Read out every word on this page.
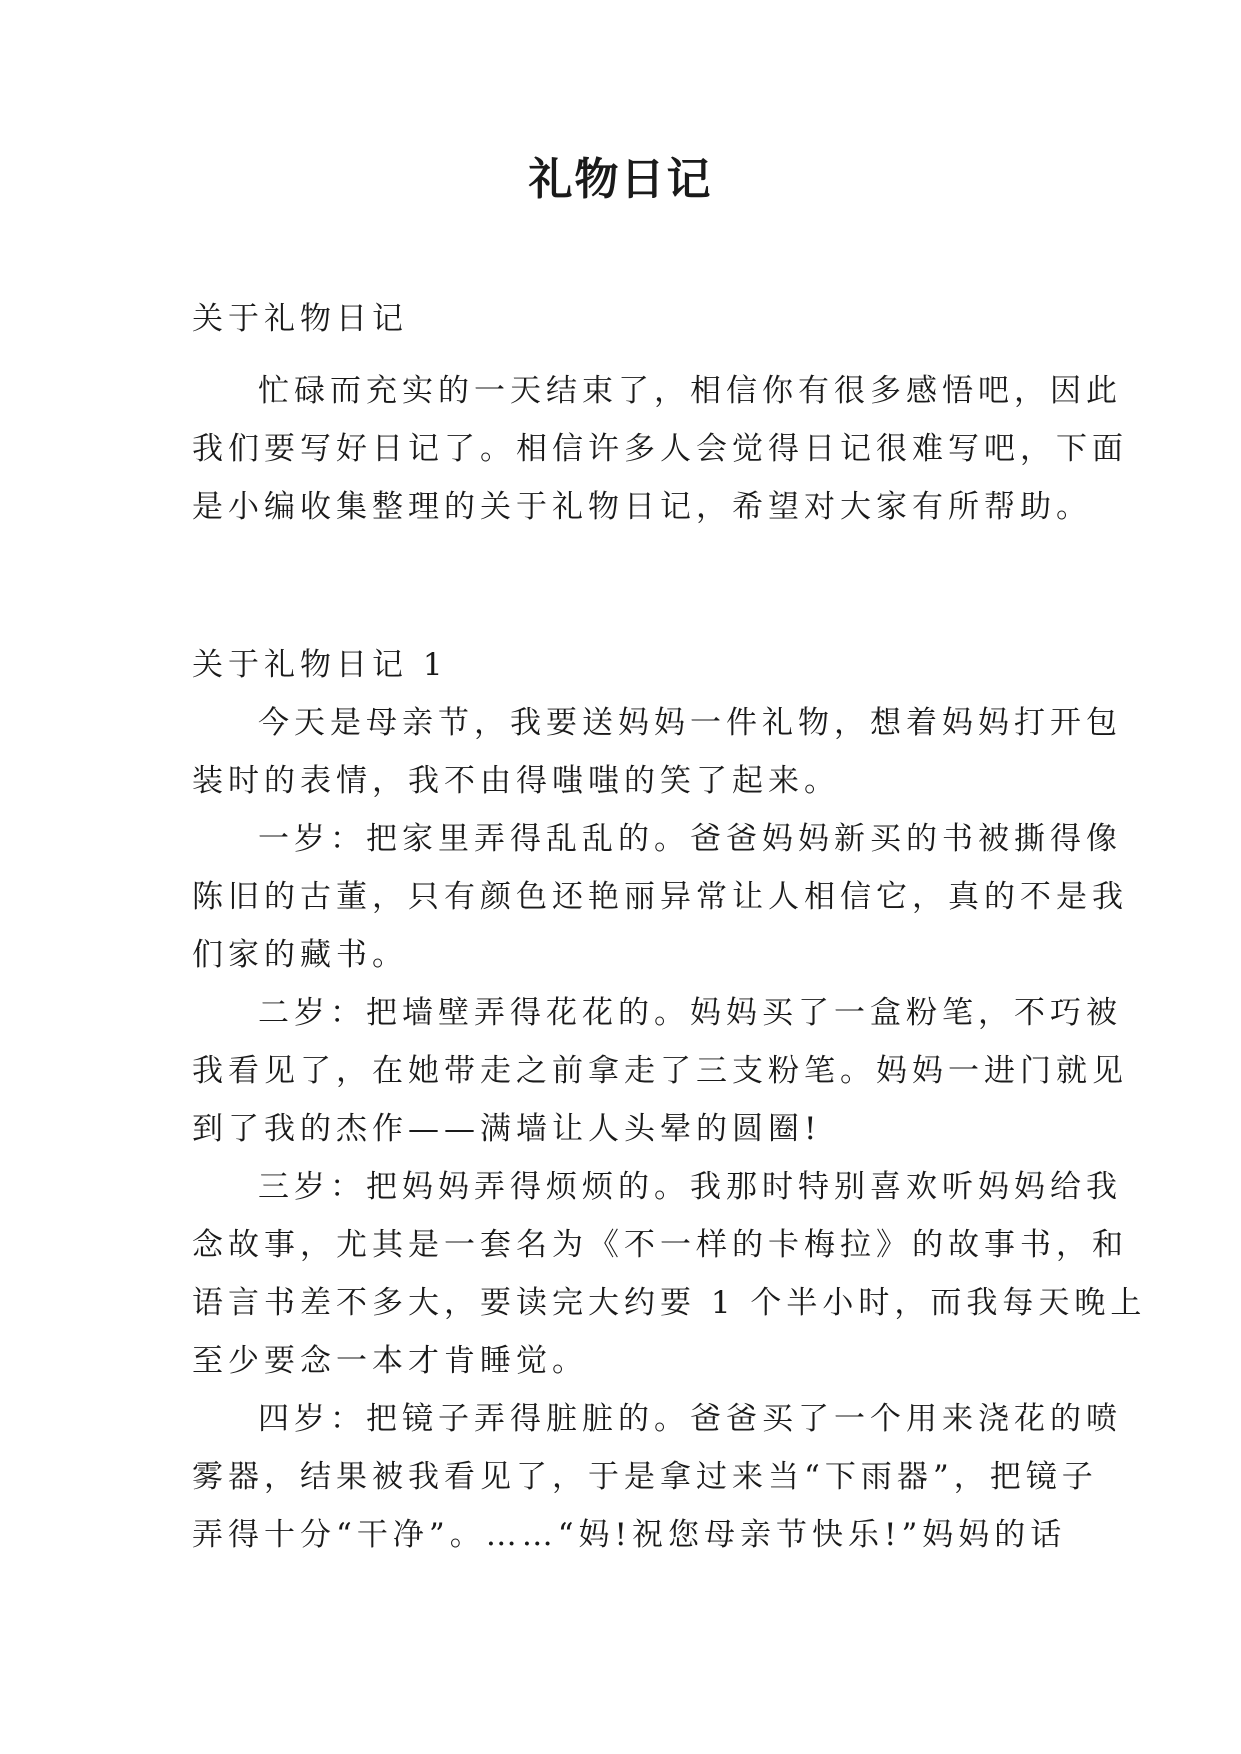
礼物日记

关于礼物日记

忙碌而充实的一天结束了，相信你有很多感悟吧，因此

我们要写好日记了。相信许多人会觉得日记很难写吧，下面

是小编收集整理的关于礼物日记，希望对大家有所帮助。

关于礼物日记 1

今天是母亲节，我要送妈妈一件礼物，想着妈妈打开包

装时的表情，我不由得嗤嗤的笑了起来。

一岁：把家里弄得乱乱的。爸爸妈妈新买的书被撕得像

陈旧的古董，只有颜色还艳丽异常让人相信它，真的不是我

们家的藏书。

二岁：把墙壁弄得花花的。妈妈买了一盒粉笔，不巧被

我看见了，在她带走之前拿走了三支粉笔。妈妈一进门就见

到了我的杰作——满墙让人头晕的圆圈!

三岁：把妈妈弄得烦烦的。我那时特别喜欢听妈妈给我

念故事，尤其是一套名为《不一样的卡梅拉》的故事书，和

语言书差不多大，要读完大约要 1 个半小时，而我每天晚上

至少要念一本才肯睡觉。

四岁：把镜子弄得脏脏的。爸爸买了一个用来浇花的喷

雾器，结果被我看见了，于是拿过来当“下雨器”，把镜子

弄得十分“干净”。……“妈!祝您母亲节快乐!”妈妈的话
